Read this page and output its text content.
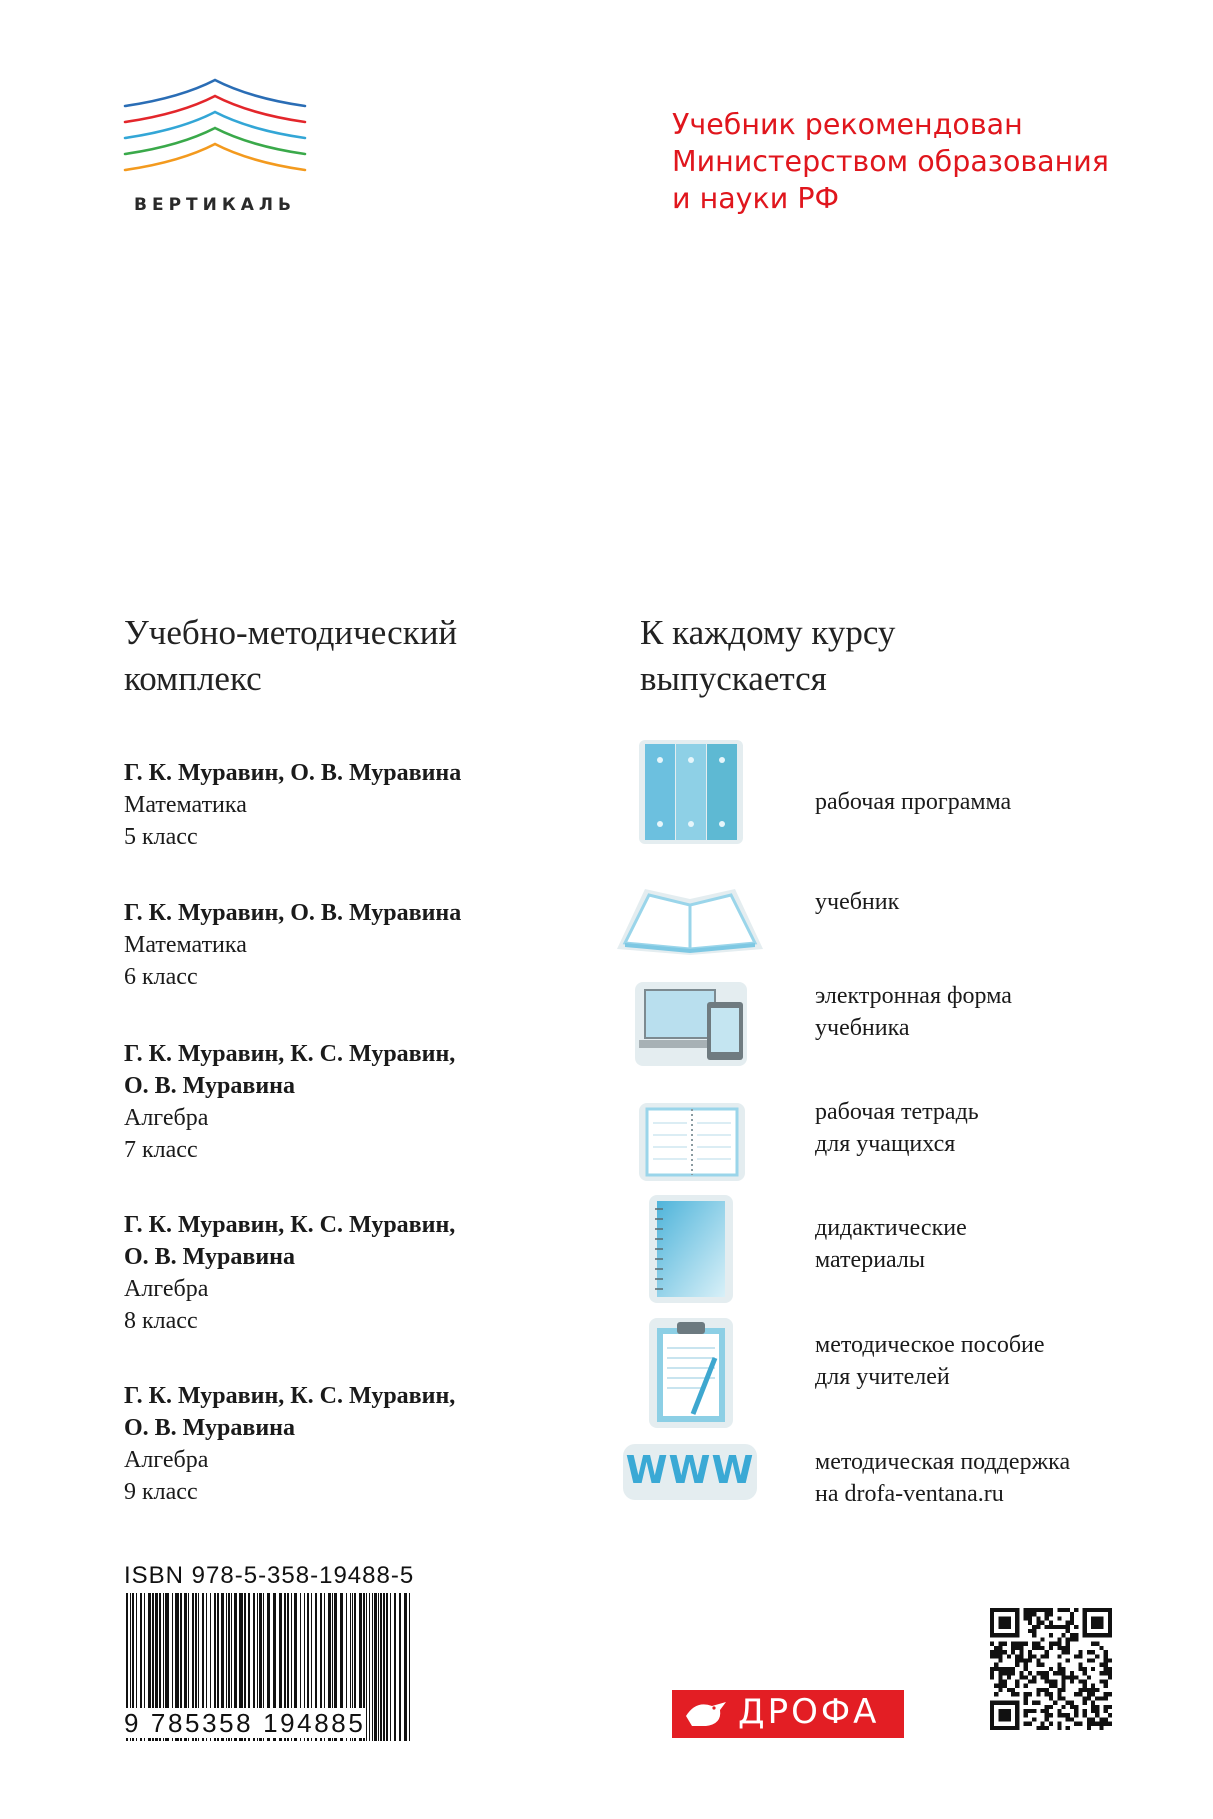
ВЕРТИКАЛЬ
Учебник рекомендован
Министерством образования
и науки РФ
Учебно-методический
комплекс
К каждому курсу
выпускается
Г. К. Муравин, О. В. Муравина
Математика
5 класс
Г. К. Муравин, О. В. Муравина
Математика
6 класс
Г. К. Муравин, К. С. Муравин,
О. В. Муравина
Алгебра
7 класс
Г. К. Муравин, К. С. Муравин,
О. В. Муравина
Алгебра
8 класс
Г. К. Муравин, К. С. Муравин,
О. В. Муравина
Алгебра
9 класс	WWW
рабочая программа
учебник
электронная форма
учебника
рабочая тетрадь
для учащихся
дидактические
материалы
методическое пособие
для учителей
методическая поддержка
на drofa-ventana.ru
ISBN 978-5-358-19488-5
9 785358 194885	ДРОФА
